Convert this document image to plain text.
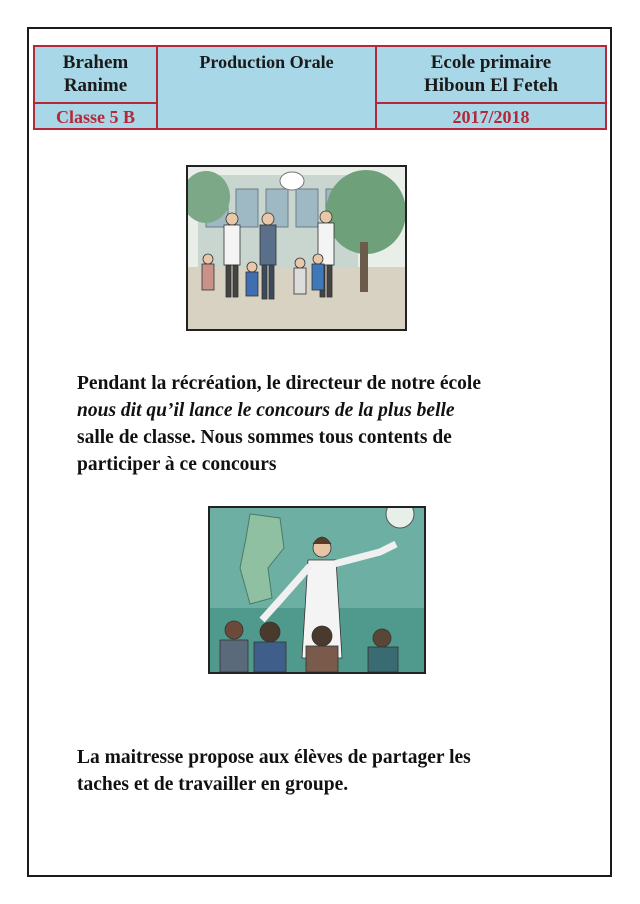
Brahem
Ranime
Classe 5 B
Production Orale	Ecole primaire
Hiboun El Feteh
2017/2018
Pendant la récréation, le directeur de notre école
nous dit qu’il lance le concours de la plus belle
salle de classe. Nous sommes tous contents de
participer à ce concours
La maitresse propose aux élèves de partager les
taches et de travailler en groupe.
